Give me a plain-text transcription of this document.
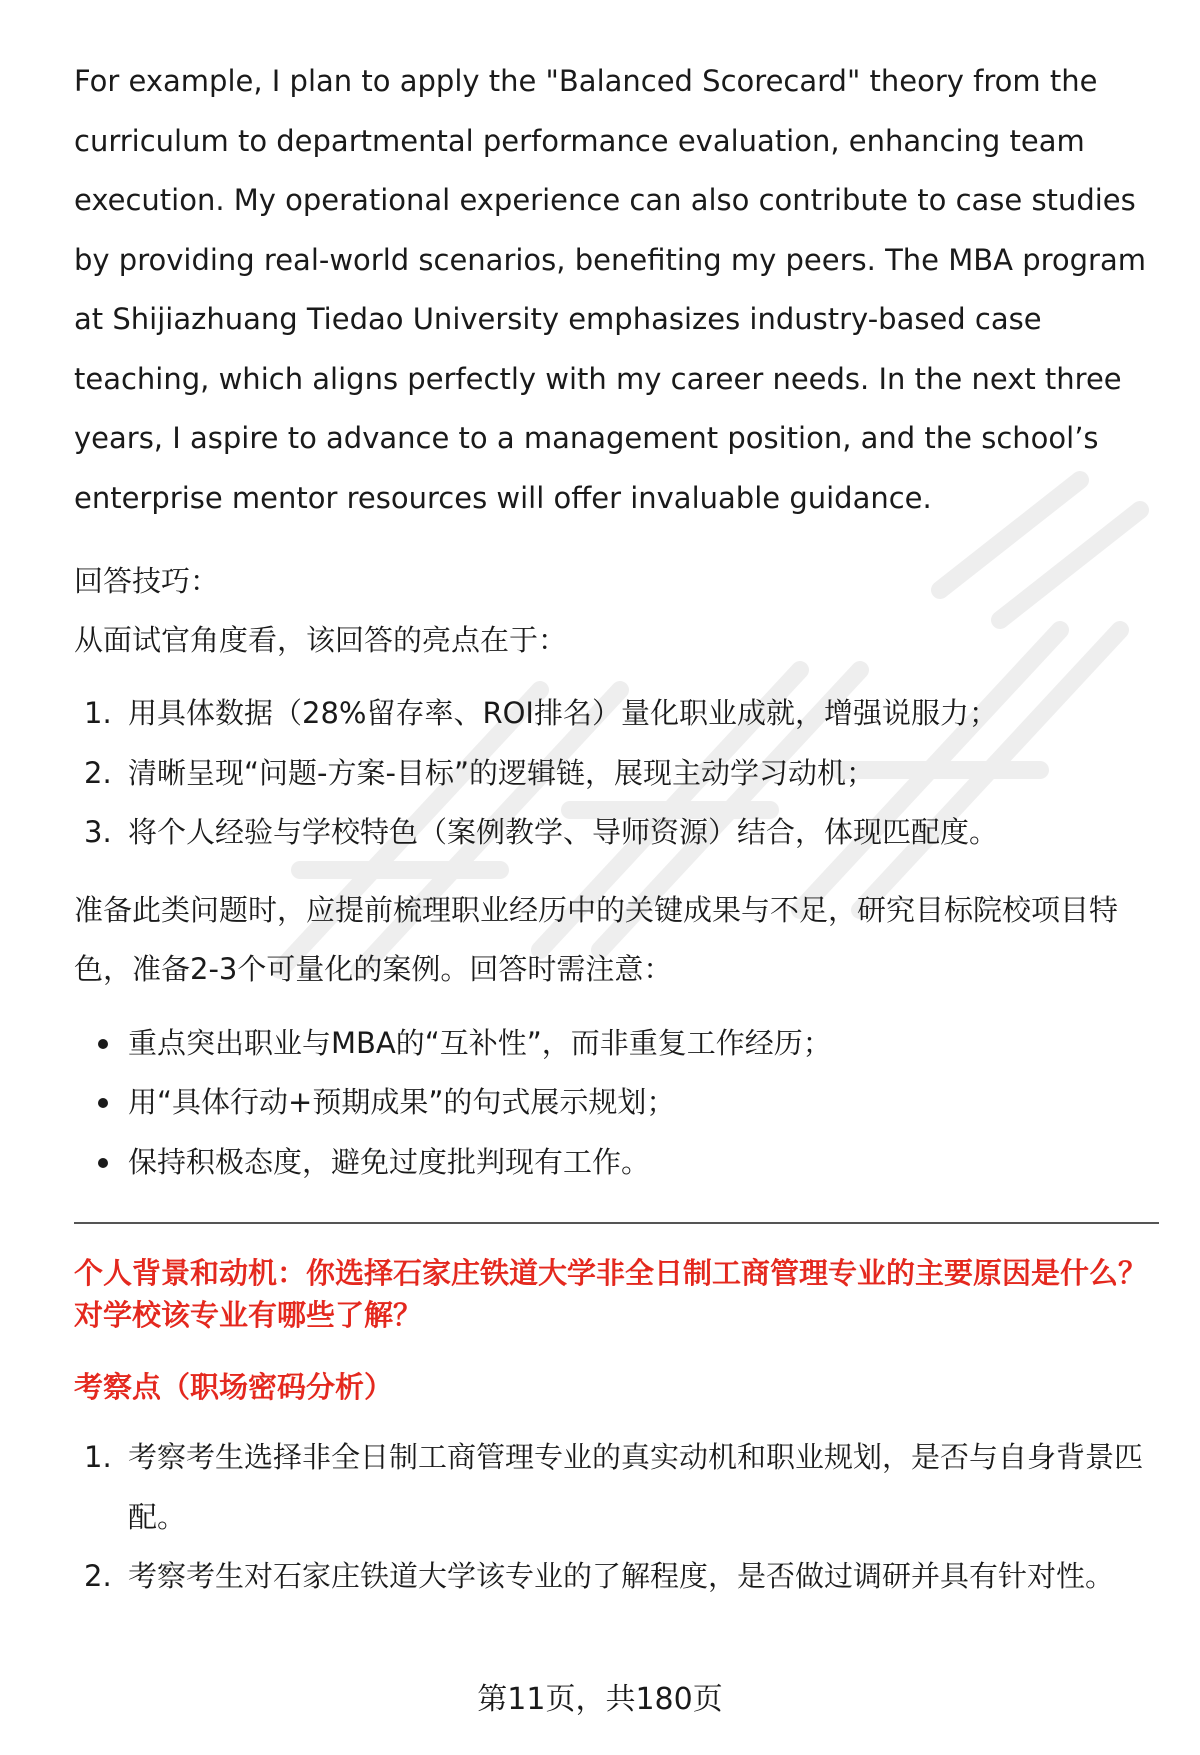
For example, I plan to apply the "Balanced Scorecard" theory from the curriculum to departmental performance evaluation, enhancing team execution. My operational experience can also contribute to case studies by providing real-world scenarios, benefiting my peers. The MBA program at Shijiazhuang Tiedao University emphasizes industry-based case teaching, which aligns perfectly with my career needs. In the next three years, I aspire to advance to a management position, and the school’s enterprise mentor resources will offer invaluable guidance.

回答技巧：

从面试官角度看，该回答的亮点在于：

1. 用具体数据（28%留存率、ROI排名）量化职业成就，增强说服力；
2. 清晰呈现“问题-方案-目标”的逻辑链，展现主动学习动机；
3. 将个人经验与学校特色（案例教学、导师资源）结合，体现匹配度。

准备此类问题时，应提前梳理职业经历中的关键成果与不足，研究目标院校项目特色，准备2-3个可量化的案例。回答时需注意：

重点突出职业与MBA的“互补性”，而非重复工作经历；
用“具体行动+预期成果”的句式展示规划；
保持积极态度，避免过度批判现有工作。

个人背景和动机：你选择石家庄铁道大学非全日制工商管理专业的主要原因是什么？对学校该专业有哪些了解？

考察点（职场密码分析）

1. 考察考生选择非全日制工商管理专业的真实动机和职业规划，是否与自身背景匹配。
2. 考察考生对石家庄铁道大学该专业的了解程度，是否做过调研并具有针对性。
第11页，共180页
